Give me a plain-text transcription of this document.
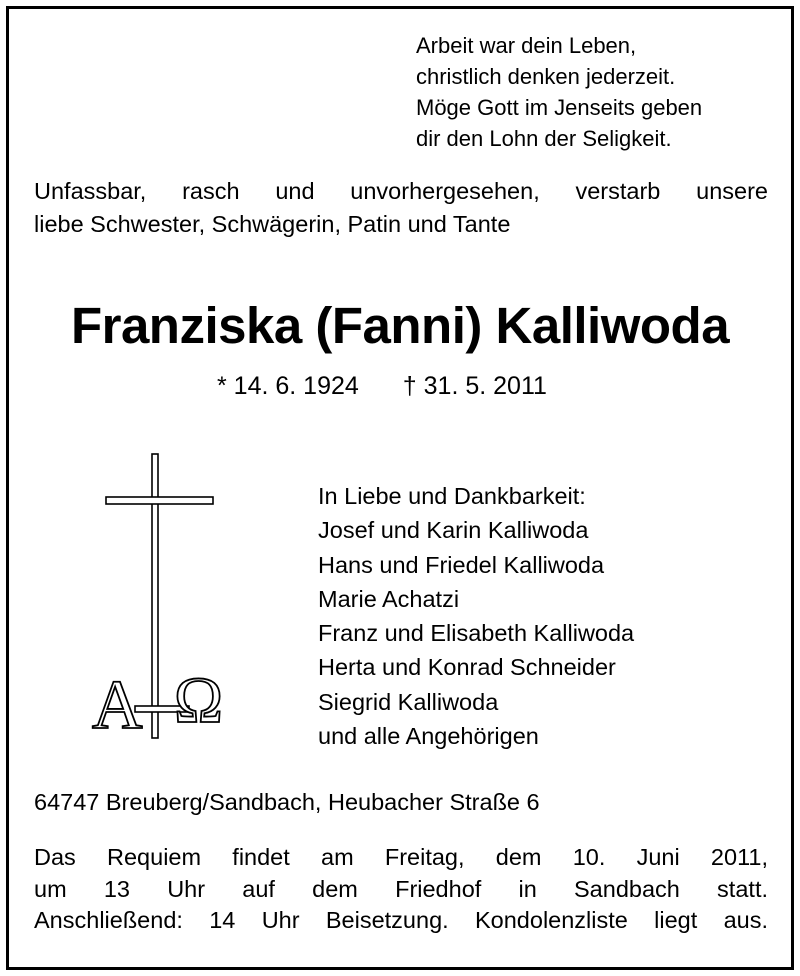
Arbeit war dein Leben,
christlich denken jederzeit.
Möge Gott im Jenseits geben
dir den Lohn der Seligkeit.
Unfassbar, rasch und unvorhergesehen, verstarb unsere
liebe Schwester, Schwägerin, Patin und Tante
Franziska (Fanni) Kalliwoda
* 14. 6. 1924 † 31. 5. 2011
A Ω
In Liebe und Dankbarkeit:
Josef und Karin Kalliwoda
Hans und Friedel Kalliwoda
Marie Achatzi
Franz und Elisabeth Kalliwoda
Herta und Konrad Schneider
Siegrid Kalliwoda
und alle Angehörigen
64747 Breuberg/Sandbach, Heubacher Straße 6
Das Requiem findet am Freitag, dem 10. Juni 2011,
um 13 Uhr auf dem Friedhof in Sandbach statt.
Anschließend: 14 Uhr Beisetzung. Kondolenzliste liegt aus.
